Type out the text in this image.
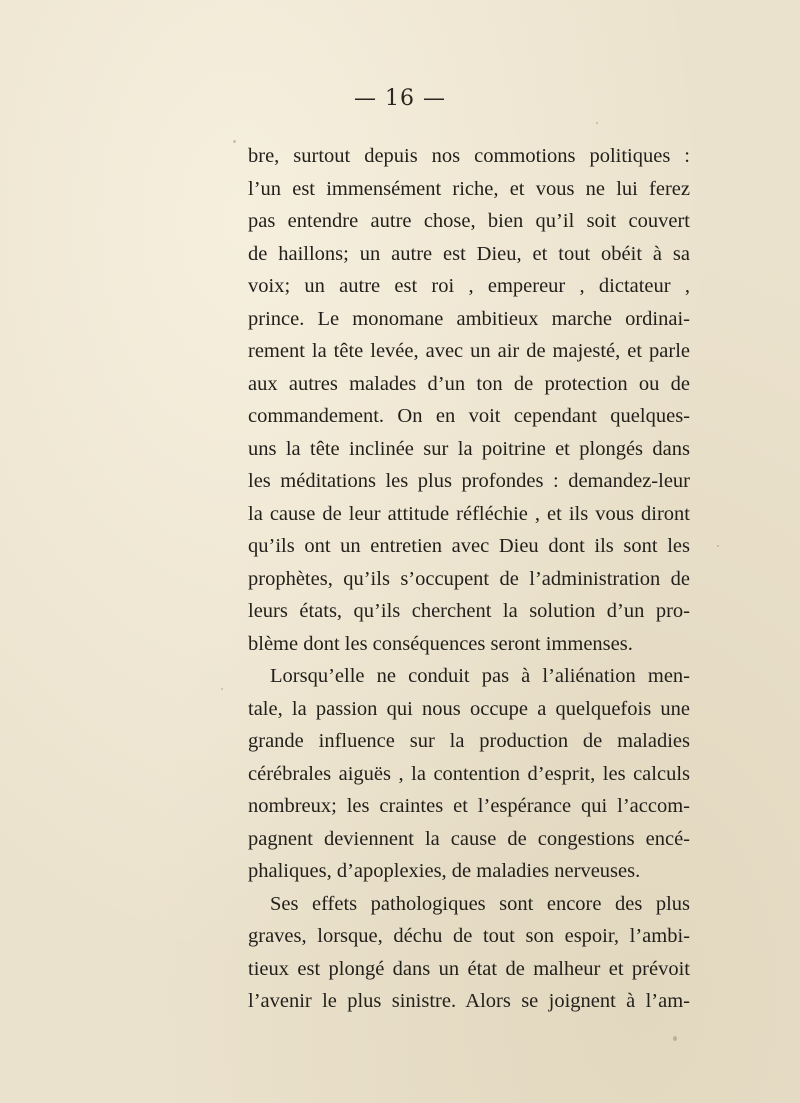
— 16 —
bre, surtout depuis nos commotions politiques :
l’un est immensément riche, et vous ne lui ferez
pas entendre autre chose, bien qu’il soit couvert
de haillons; un autre est Dieu, et tout obéit à sa
voix; un autre est roi , empereur , dictateur ,
prince. Le monomane ambitieux marche ordinai-
rement la tête levée, avec un air de majesté, et parle
aux autres malades d’un ton de protection ou de
commandement. On en voit cependant quelques-
uns la tête inclinée sur la poitrine et plongés dans
les méditations les plus profondes : demandez-leur
la cause de leur attitude réfléchie , et ils vous diront
qu’ils ont un entretien avec Dieu dont ils sont les
prophètes, qu’ils s’occupent de l’administration de
leurs états, qu’ils cherchent la solution d’un pro-
blème dont les conséquences seront immenses.
Lorsqu’elle ne conduit pas à l’aliénation men-
tale, la passion qui nous occupe a quelquefois une
grande influence sur la production de maladies
cérébrales aiguës , la contention d’esprit, les calculs
nombreux; les craintes et l’espérance qui l’accom-
pagnent deviennent la cause de congestions encé-
phaliques, d’apoplexies, de maladies nerveuses.
Ses effets pathologiques sont encore des plus
graves, lorsque, déchu de tout son espoir, l’ambi-
tieux est plongé dans un état de malheur et prévoit
l’avenir le plus sinistre. Alors se joignent à l’am-
